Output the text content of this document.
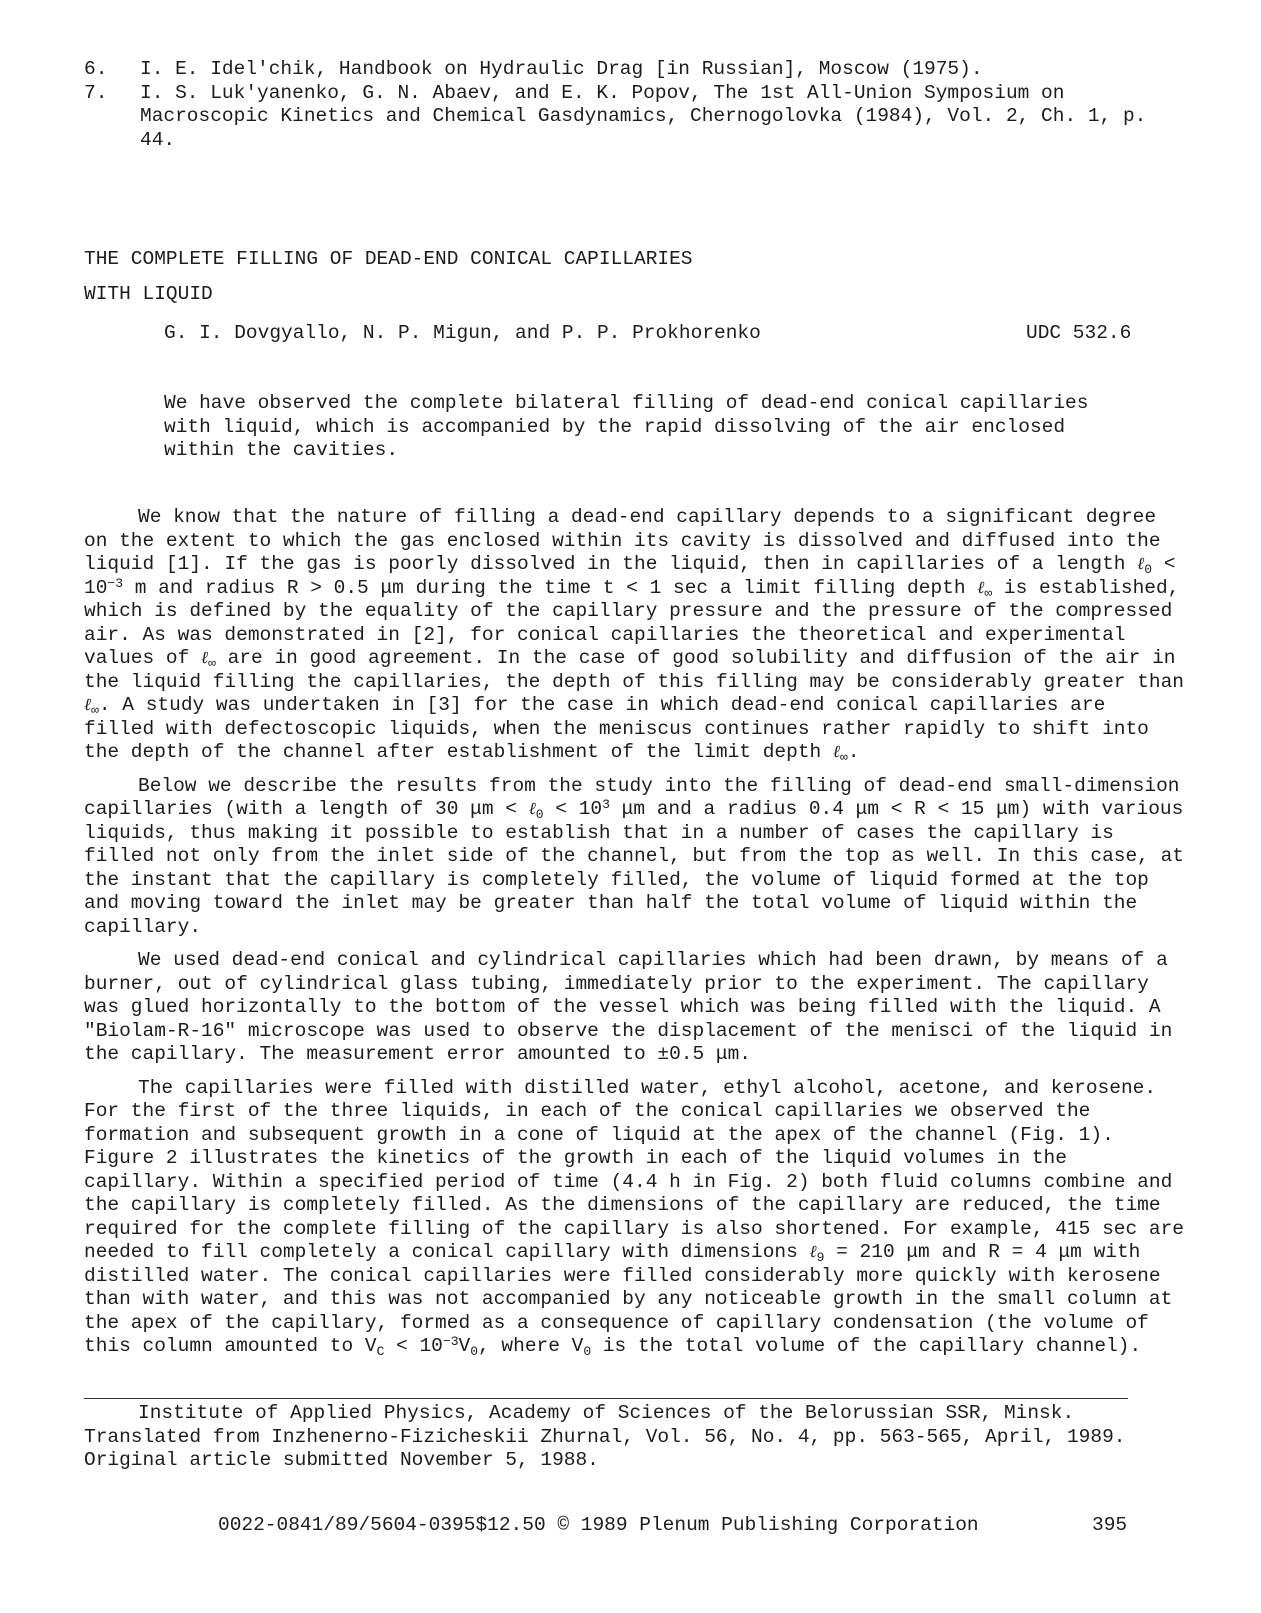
6.	I. E. Idel'chik, Handbook on Hydraulic Drag [in Russian], Moscow (1975).
7.	I. S. Luk'yanenko, G. N. Abaev, and E. K. Popov, The 1st All-Union Symposium on Macroscopic Kinetics and Chemical Gasdynamics, Chernogolovka (1984), Vol. 2, Ch. 1, p. 44.
THE COMPLETE FILLING OF DEAD-END CONICAL CAPILLARIES
WITH LIQUID
G. I. Dovgyallo, N. P. Migun, and P. P. Prokhorenko	UDC 532.6
We have observed the complete bilateral filling of dead-end conical capillaries with liquid, which is accompanied by the rapid dissolving of the air enclosed within the cavities.

We know that the nature of filling a dead-end capillary depends to a significant degree on the extent to which the gas enclosed within its cavity is dissolved and diffused into the liquid [1]. If the gas is poorly dissolved in the liquid, then in capillaries of a length ℓ$_0$ < $10^{-3}$ m and radius R > 0.5 μm during the time t < 1 sec a limit filling depth ℓ$_\infty$ is established, which is defined by the equality of the capillary pressure and the pressure of the compressed air. As was demonstrated in [2], for conical capillaries the theoretical and experimental values of ℓ$_\infty$ are in good agreement. In the case of good solubility and diffusion of the air in the liquid filling the capillaries, the depth of this filling may be considerably greater than ℓ$_\infty$. A study was undertaken in [3] for the case in which dead-end conical capillaries are filled with defectoscopic liquids, when the meniscus continues rather rapidly to shift into the depth of the channel after establishment of the limit depth ℓ$_\infty$.

Below we describe the results from the study into the filling of dead-end small-dimension capillaries (with a length of 30 μm < ℓ$_0$ < $10^3$ μm and a radius 0.4 μm < R < 15 μm) with various liquids, thus making it possible to establish that in a number of cases the capillary is filled not only from the inlet side of the channel, but from the top as well. In this case, at the instant that the capillary is completely filled, the volume of liquid formed at the top and moving toward the inlet may be greater than half the total volume of liquid within the capillary.

We used dead-end conical and cylindrical capillaries which had been drawn, by means of a burner, out of cylindrical glass tubing, immediately prior to the experiment. The capillary was glued horizontally to the bottom of the vessel which was being filled with the liquid. A "Biolam-R-16" microscope was used to observe the displacement of the menisci of the liquid in the capillary. The measurement error amounted to ±0.5 μm.

The capillaries were filled with distilled water, ethyl alcohol, acetone, and kerosene. For the first of the three liquids, in each of the conical capillaries we observed the formation and subsequent growth in a cone of liquid at the apex of the channel (Fig. 1). Figure 2 illustrates the kinetics of the growth in each of the liquid volumes in the capillary. Within a specified period of time (4.4 h in Fig. 2) both fluid columns combine and the capillary is completely filled. As the dimensions of the capillary are reduced, the time required for the complete filling of the capillary is also shortened. For example, 415 sec are needed to fill completely a conical capillary with dimensions ℓ$_9$ = 210 μm and R = 4 μm with distilled water. The conical capillaries were filled considerably more quickly with kerosene than with water, and this was not accompanied by any noticeable growth in the small column at the apex of the capillary, formed as a consequence of capillary condensation (the volume of this column amounted to $V_C < 10^{-3}V_0$, where $V_0$ is the total volume of the capillary channel).

Institute of Applied Physics, Academy of Sciences of the Belorussian SSR, Minsk. Translated from Inzhenerno-Fizicheskii Zhurnal, Vol. 56, No. 4, pp. 563-565, April, 1989. Original article submitted November 5, 1988.
0022-0841/89/5604-0395$12.50 © 1989 Plenum Publishing Corporation	395
